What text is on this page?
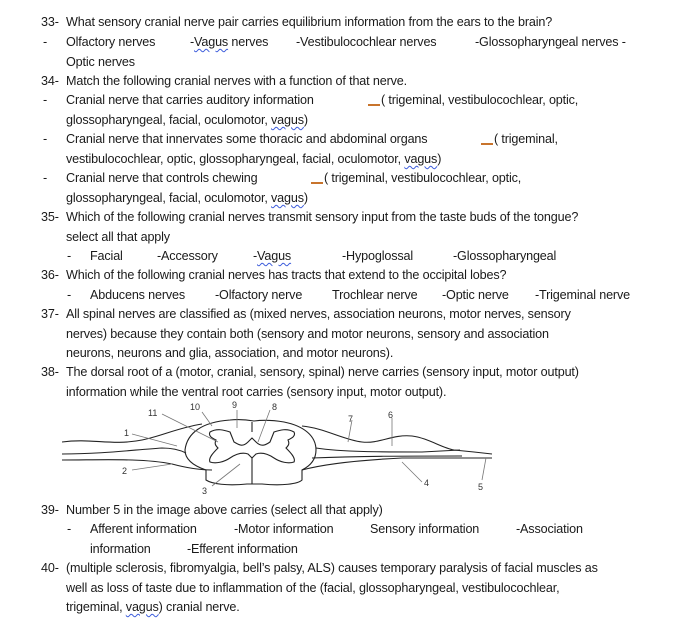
33- What sensory cranial nerve pair carries equilibrium information from the ears to the brain?
- Olfactory nerves	-Vagus nerves -Vestibulocochlear nerves	-Glossopharyngeal nerves -
Optic nerves
34- Match the following cranial nerves with a function of that nerve.
- Cranial nerve that carries auditory information	( trigeminal, vestibulocochlear, optic,
glossopharyngeal, facial, oculomotor, vagus)
- Cranial nerve that innervates some thoracic and abdominal organs	( trigeminal,
vestibulocochlear, optic, glossopharyngeal, facial, oculomotor, vagus)
- Cranial nerve that controls chewing	( trigeminal, vestibulocochlear, optic,
glossopharyngeal, facial, oculomotor, vagus)
35- Which of the following cranial nerves transmit sensory input from the taste buds of the tongue?
select all that apply
- Facial	-Accessory	-Vagus	-Hypoglossal	-Glossopharyngeal
36- Which of the following cranial nerves has tracts that extend to the occipital lobes?
- Abducens nerves -Olfactory nerve Trochlear nerve -Optic nerve -Trigeminal nerve
37- All spinal nerves are classified as (mixed nerves, association neurons, motor nerves, sensory
nerves) because they contain both (sensory and motor neurons, sensory and association
neurons, neurons and glia, association, and motor neurons).
38- The dorsal root of a (motor, cranial, sensory, spinal) nerve carries (sensory input, motor output)
information while the ventral root carries (sensory input, motor output).
1
2
3
4	5
6
7
8
9
10
11
39- Number 5 in the image above carries (select all that apply)
- Afferent information	-Motor information	Sensory information	-Association
information	-Efferent information
40- (multiple sclerosis, fibromyalgia, bell’s palsy, ALS) causes temporary paralysis of facial muscles as
well as loss of taste due to inflammation of the (facial, glossopharyngeal, vestibulocochlear,
trigeminal, vagus) cranial nerve.
